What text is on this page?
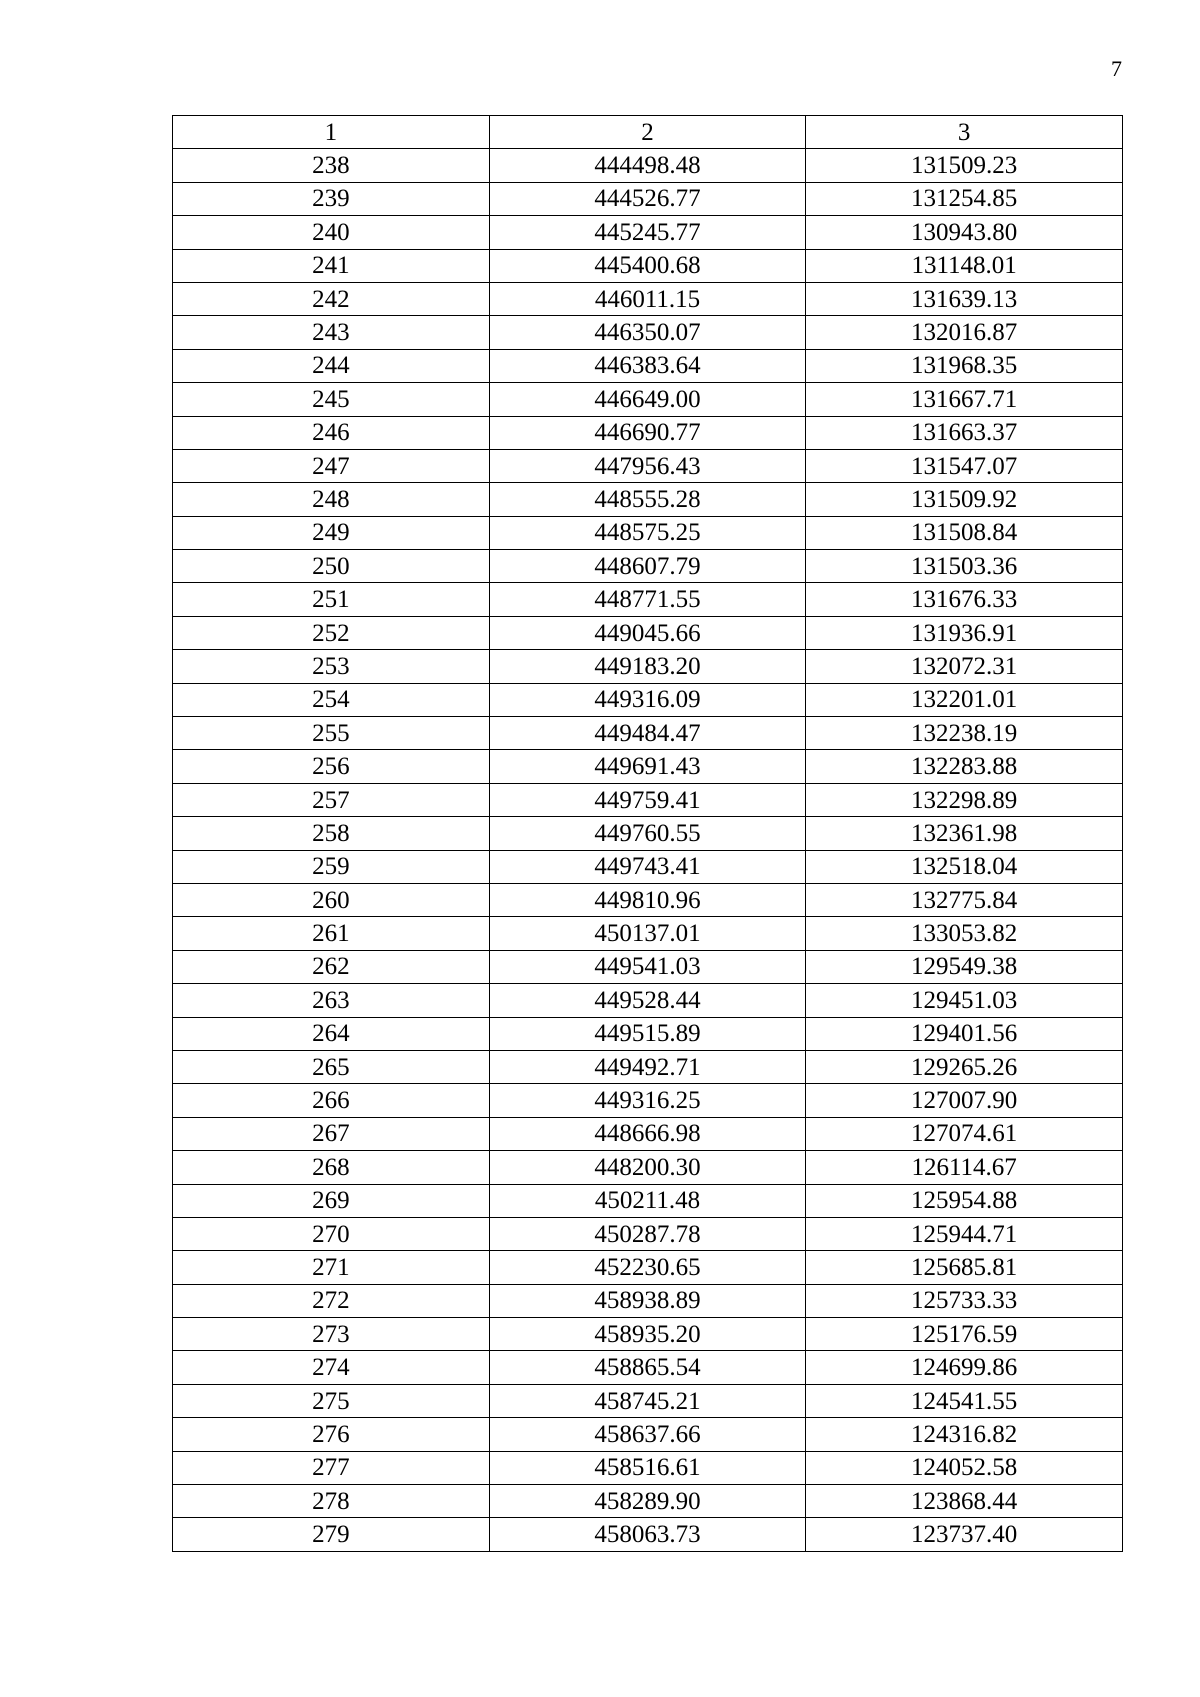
7
1	2	3
238	444498.48	131509.23
239	444526.77	131254.85
240	445245.77	130943.80
241	445400.68	131148.01
242	446011.15	131639.13
243	446350.07	132016.87
244	446383.64	131968.35
245	446649.00	131667.71
246	446690.77	131663.37
247	447956.43	131547.07
248	448555.28	131509.92
249	448575.25	131508.84
250	448607.79	131503.36
251	448771.55	131676.33
252	449045.66	131936.91
253	449183.20	132072.31
254	449316.09	132201.01
255	449484.47	132238.19
256	449691.43	132283.88
257	449759.41	132298.89
258	449760.55	132361.98
259	449743.41	132518.04
260	449810.96	132775.84
261	450137.01	133053.82
262	449541.03	129549.38
263	449528.44	129451.03
264	449515.89	129401.56
265	449492.71	129265.26
266	449316.25	127007.90
267	448666.98	127074.61
268	448200.30	126114.67
269	450211.48	125954.88
270	450287.78	125944.71
271	452230.65	125685.81
272	458938.89	125733.33
273	458935.20	125176.59
274	458865.54	124699.86
275	458745.21	124541.55
276	458637.66	124316.82
277	458516.61	124052.58
278	458289.90	123868.44
279	458063.73	123737.40
